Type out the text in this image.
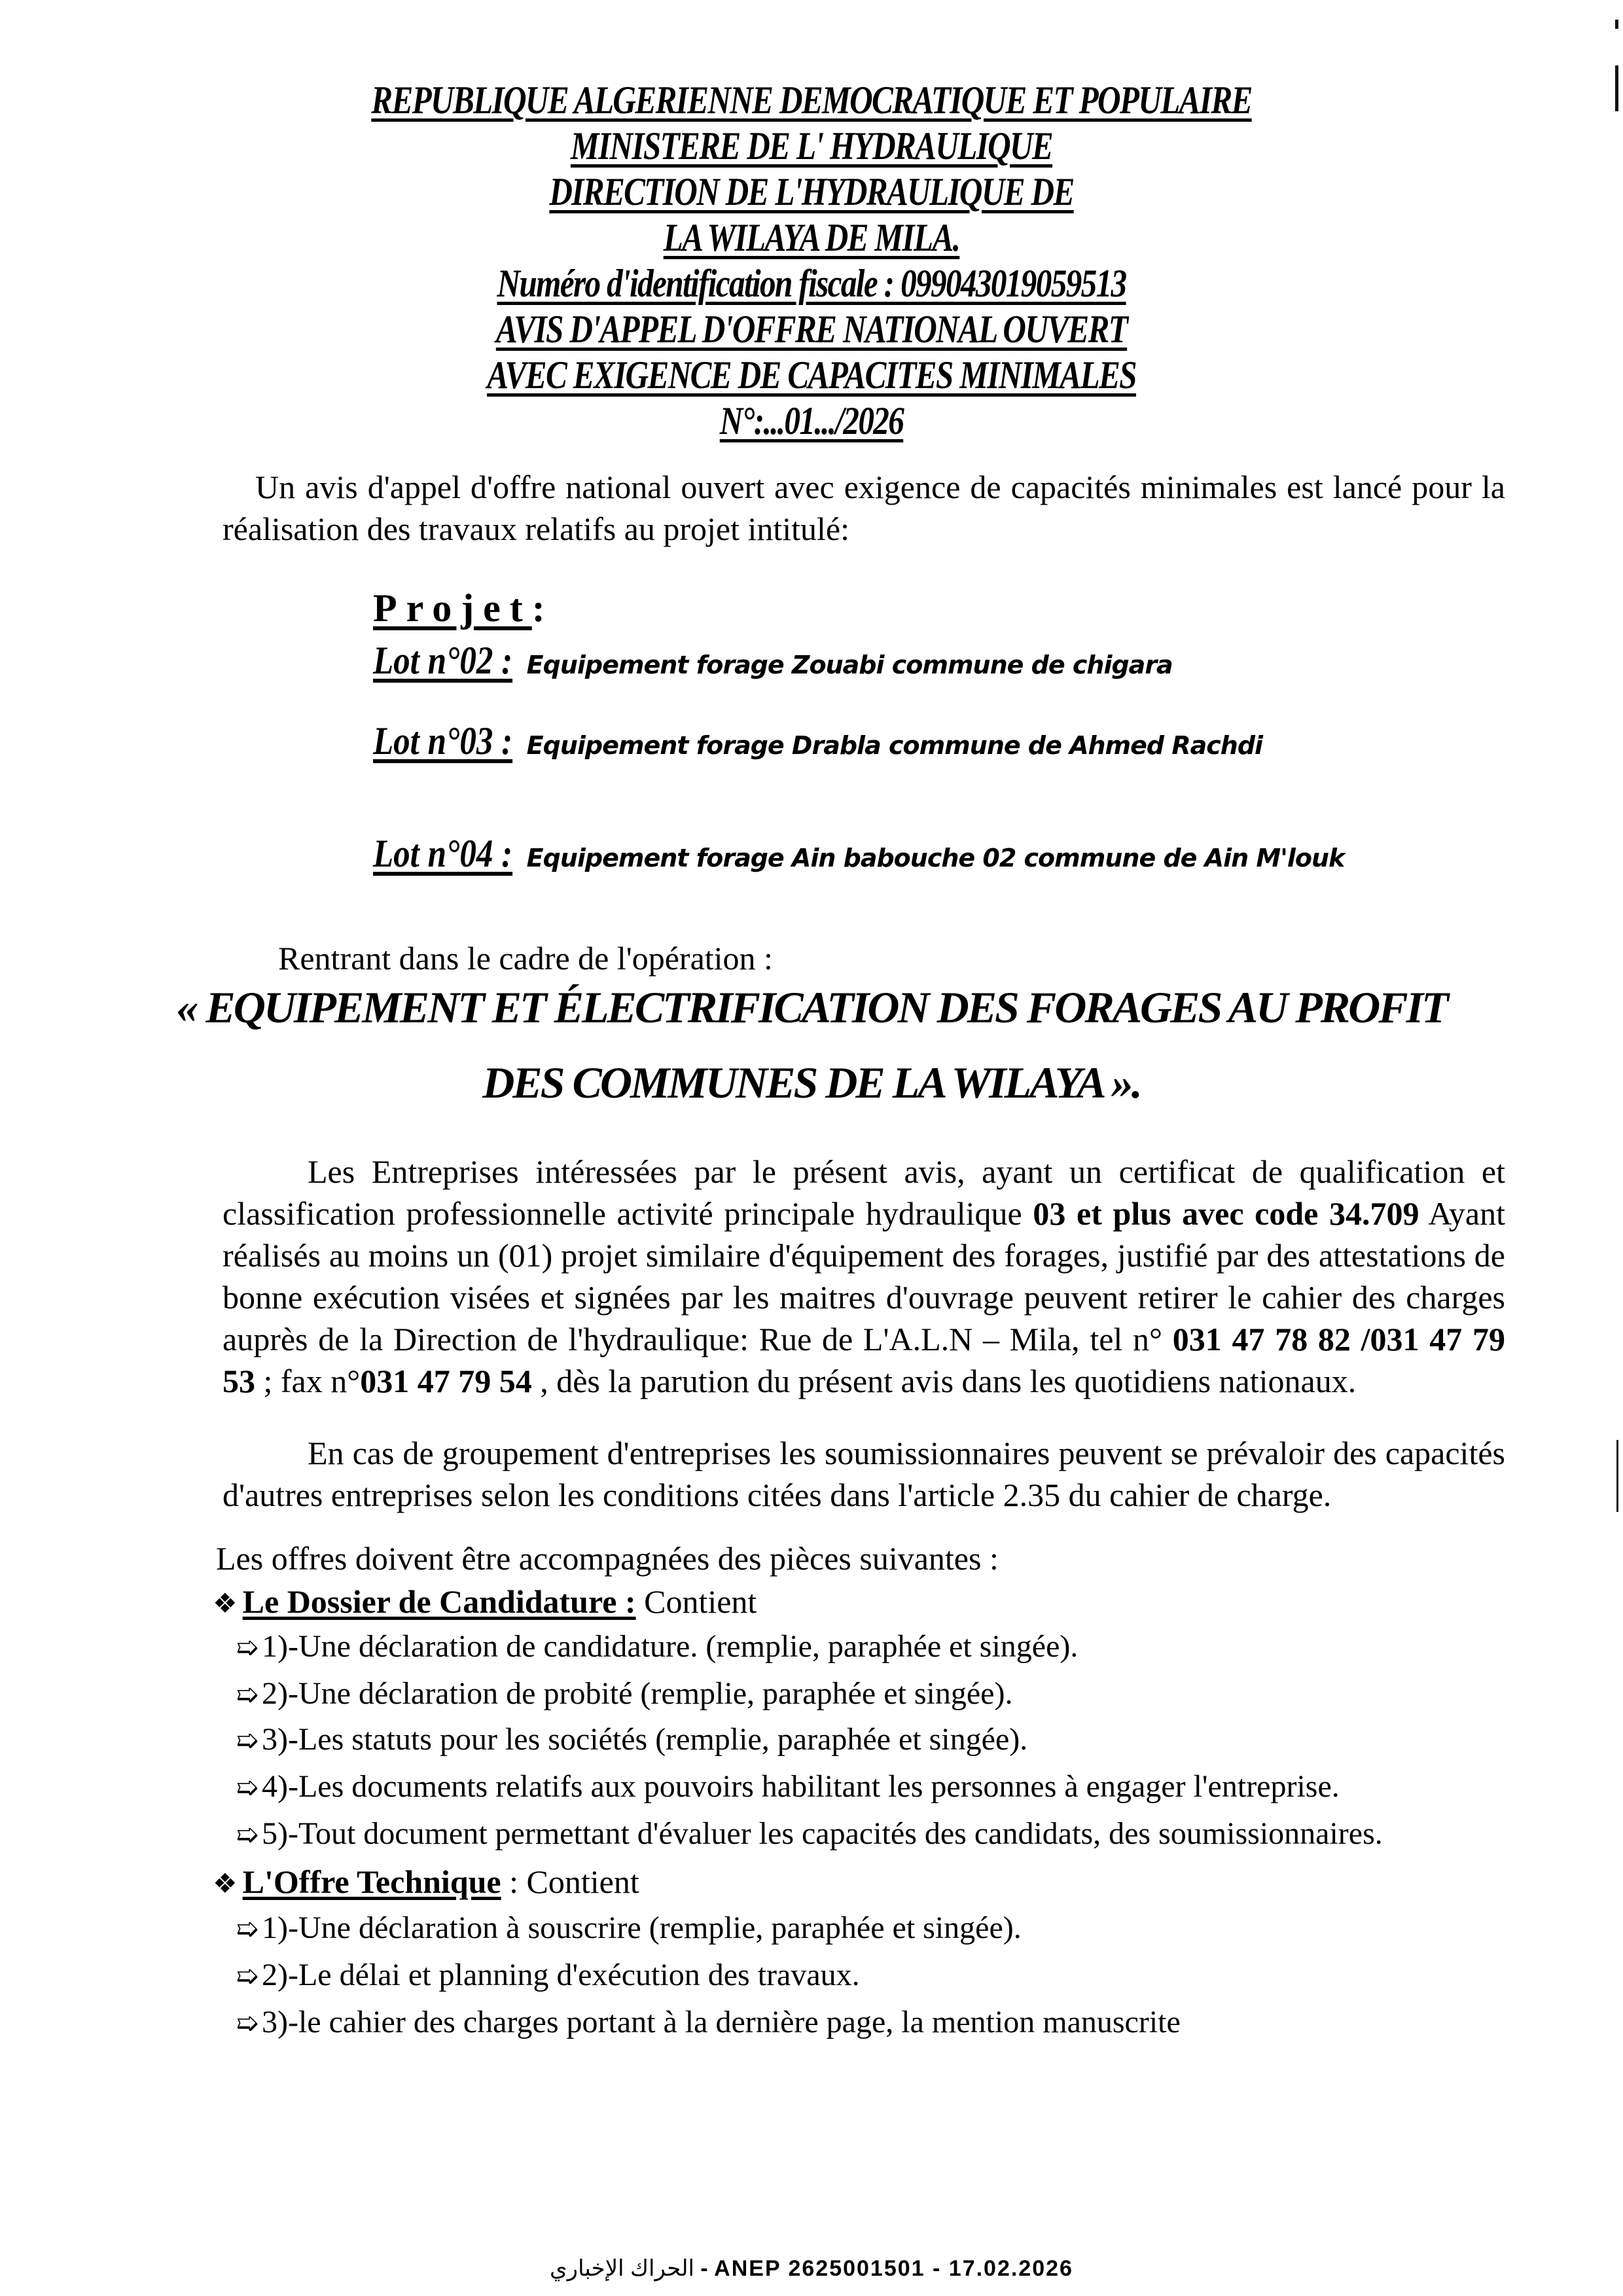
REPUBLIQUE ALGERIENNE DEMOCRATIQUE ET POPULAIRE
MINISTERE DE L' HYDRAULIQUE
DIRECTION DE L'HYDRAULIQUE DE
LA WILAYA DE MILA.
Numéro d'identification fiscale : 099043019059513
AVIS D'APPEL D'OFFRE NATIONAL OUVERT
AVEC EXIGENCE DE CAPACITES MINIMALES
N°:...01.../2026
Un avis d'appel d'offre national ouvert avec exigence de capacités minimales est lancé pour la réalisation des travaux relatifs au projet intitulé:
Projet:
Lot n°02 : Equipement forage Zouabi commune de chigara
Lot n°03 : Equipement forage Drabla commune de Ahmed Rachdi
Lot n°04 : Equipement forage Ain babouche 02 commune de Ain M'louk
Rentrant dans le cadre de l'opération :
« EQUIPEMENT ET ÉLECTRIFICATION DES FORAGES AU PROFIT
DES COMMUNES DE LA WILAYA ».

Les Entreprises intéressées par le présent avis, ayant un certificat de qualification et classification professionnelle activité principale hydraulique 03 et plus avec code 34.709 Ayant réalisés au moins un (01) projet similaire d'équipement des forages, justifié par des attestations de bonne exécution visées et signées par les maitres d'ouvrage peuvent retirer le cahier des charges auprès de la Direction de l'hydraulique: Rue de L'A.L.N – Mila, tel n° 031 47 78 82 /031 47 79 53 ; fax n°031 47 79 54 , dès la parution du présent avis dans les quotidiens nationaux.

En cas de groupement d'entreprises les soumissionnaires peuvent se prévaloir des capacités d'autres entreprises selon les conditions citées dans l'article 2.35 du cahier de charge.

Les offres doivent être accompagnées des pièces suivantes :
❖ Le Dossier de Candidature : Contient
➯1)-Une déclaration de candidature. (remplie, paraphée et singée).
➯2)-Une déclaration de probité (remplie, paraphée et singée).
➯3)-Les statuts pour les sociétés (remplie, paraphée et singée).
➯4)-Les documents relatifs aux pouvoirs habilitant les personnes à engager l'entreprise.
➯5)-Tout document permettant d'évaluer les capacités des candidats, des soumissionnaires.
❖ L'Offre Technique : Contient
➯1)-Une déclaration à souscrire (remplie, paraphée et singée).
➯2)-Le délai et planning d'exécution des travaux.
➯3)-le cahier des charges portant à la dernière page, la mention manuscrite
الحراك الإخباري - ANEP 2625001501 - 17.02.2026
